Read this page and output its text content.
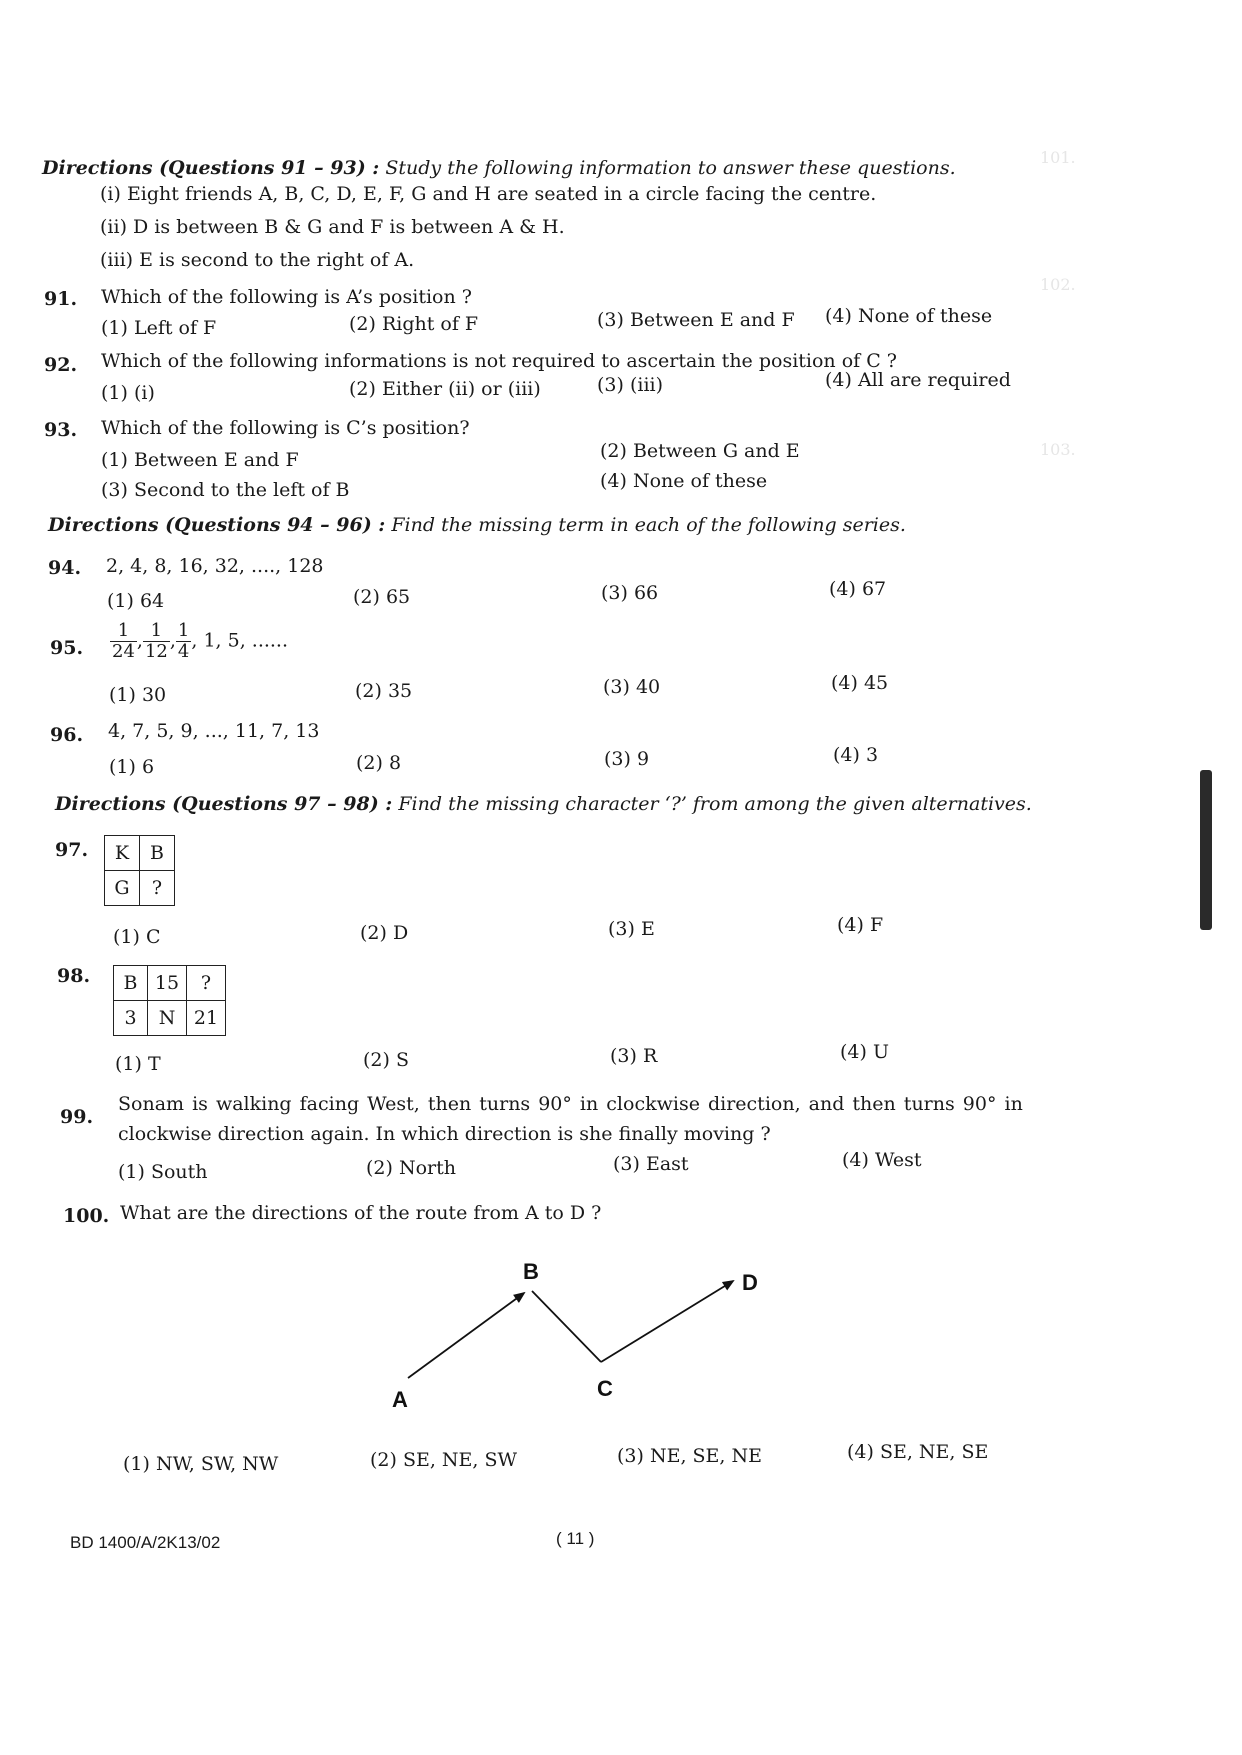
101.
102.
103.
Directions (Questions 91 – 93) : Study the following information to answer these questions.
(i) Eight friends A, B, C, D, E, F, G and H are seated in a circle facing the centre.
(ii) D is between B & G and F is between A & H.
(iii) E is second to the right of A.
91. Which of the following is A’s position ?
(1) Left of F	(2) Right of F	(3) Between E and F (4) None of these
92. Which of the following informations is not required to ascertain the position of C ?
(1) (i)	(2) Either (ii) or (iii)	(3) (iii)	(4) All are required
93. Which of the following is C’s position?
(1) Between E and F	(2) Between G and E
(3) Second to the left of B	(4) None of these
Directions (Questions 94 – 96) : Find the missing term in each of the following series.
94. 2, 4, 8, 16, 32, ...., 128
(1) 64	(2) 65	(3) 66	(4) 67
95. $\frac{1}{24}$ , $\frac{1}{12}$ , $\frac{1}{4}$ , 1, 5, ......
(1) 30	(2) 35	(3) 40	(4) 45
96. 4, 7, 5, 9, ..., 11, 7, 13
(1) 6	(2) 8	(3) 9	(4) 3
Directions (Questions 97 – 98) : Find the missing character ‘?’ from among the given alternatives.
97. K	B
G	?
(1) C	(2) D	(3) E	(4) F
98. B	15	?
3	N	21
(1) T	(2) S	(3) R	(4) U
99.
Sonam is walking facing West, then turns 90° in clockwise direction, and then turns 90° in
clockwise direction again. In which direction is she finally moving ?
(1) South	(2) North	(3) East	(4) West
100. What are the directions of the route from A to D ?
A
B
C
D
(1) NW, SW, NW	(2) SE, NE, SW	(3) NE, SE, NE	(4) SE, NE, SE
BD 1400/A/2K13/02	( 11 )
